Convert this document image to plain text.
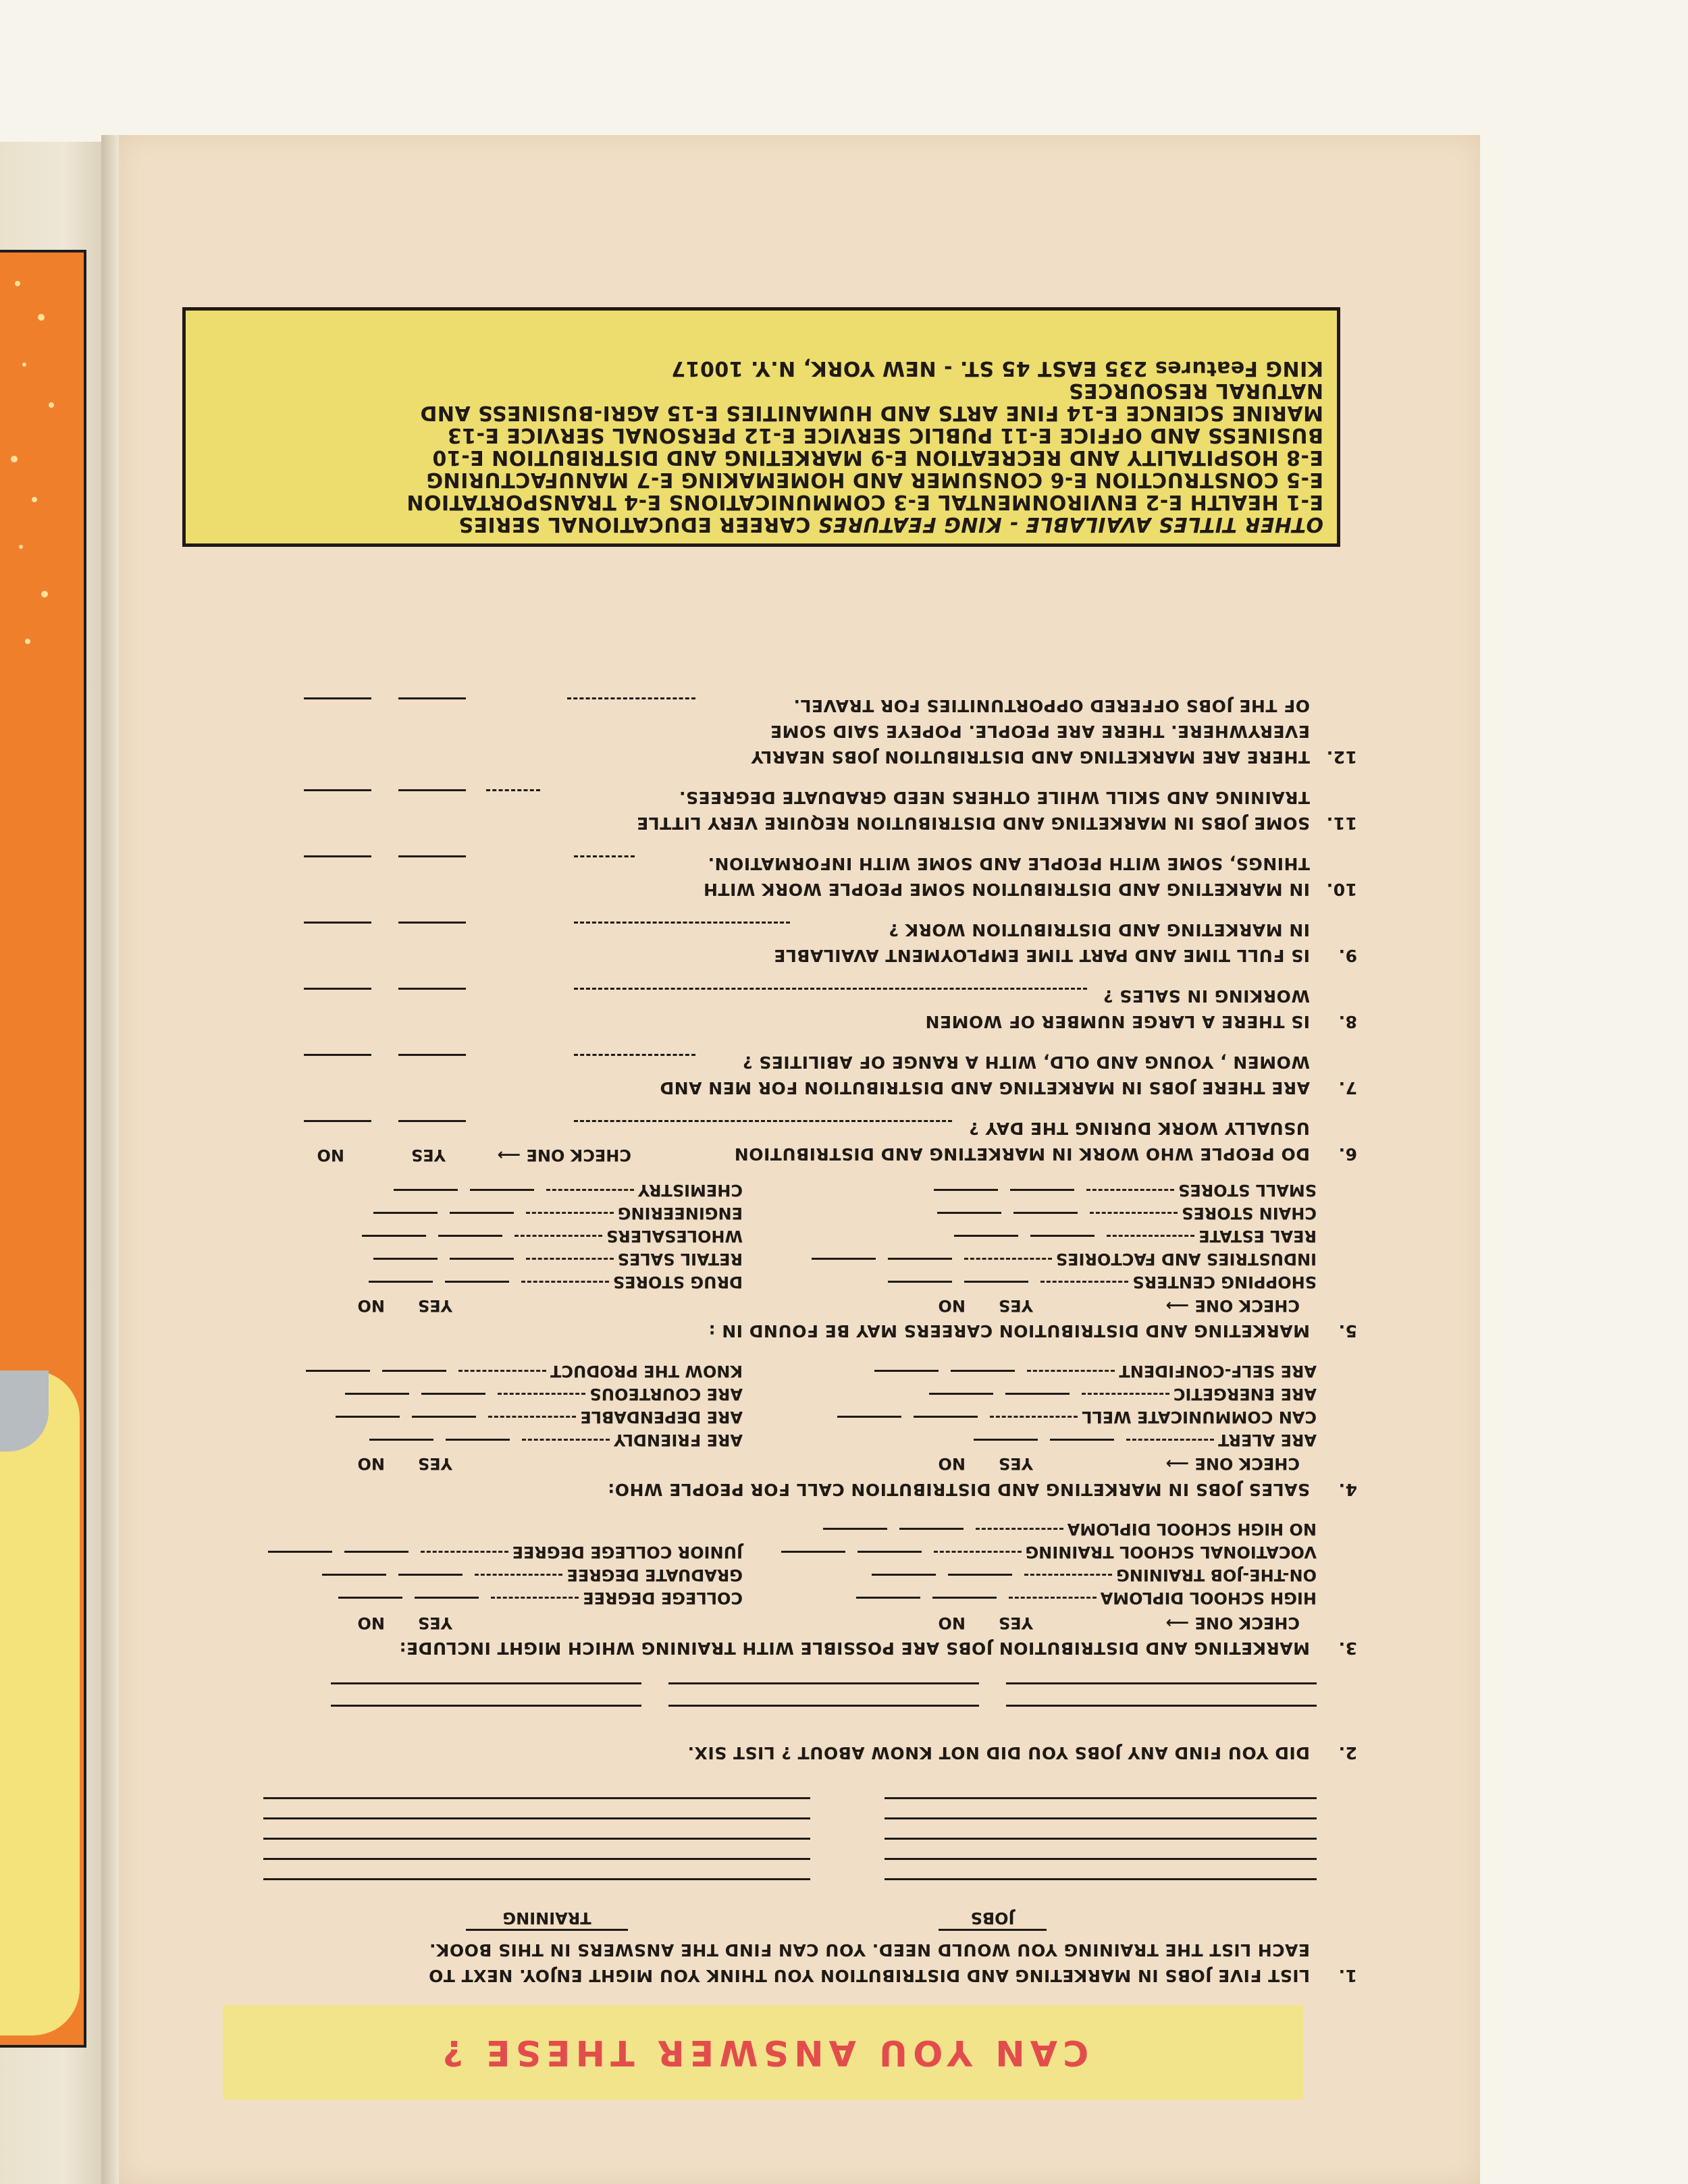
CAN YOU ANSWER THESE ?
1.LIST FIVE JOBS IN MARKETING AND DISTRIBUTION YOU THINK YOU MIGHT ENJOY. NEXT TO
EACH LIST THE TRAINING YOU WOULD NEED. YOU CAN FIND THE ANSWERS IN THIS BOOK.
JOBS
TRAINING
2.DID YOU FIND ANY JOBS YOU DID NOT KNOW ABOUT ? LIST SIX.
3.MARKETING AND DISTRIBUTION JOBS ARE POSSIBLE WITH TRAINING WHICH MIGHT INCLUDE:
CHECK ONE ⟶
YES
NO
YES
NO
HIGH SCHOOL DIPLOMA
ON-THE-JOB TRAINING
VOCATIONAL SCHOOL TRAINING
NO HIGH SCHOOL DIPLOMA
COLLEGE DEGREE
GRADUATE DEGREE
JUNIOR COLLEGE DEGREE
4.SALES JOBS IN MARKETING AND DISTRIBUTION CALL FOR PEOPLE WHO:
CHECK ONE ⟶
YES
NO
YES
NO
ARE ALERT
CAN COMMUNICATE WELL
ARE ENERGETIC
ARE SELF-CONFIDENT
ARE FRIENDLY
ARE DEPENDABLE
ARE COURTEOUS
KNOW THE PRODUCT
5.MARKETING AND DISTRIBUTION CAREERS MAY BE FOUND IN :
CHECK ONE ⟶
YES
NO
YES
NO
SHOPPING CENTERS
INDUSTRIES AND FACTORIES
REAL ESTATE
CHAIN STORES
SMALL STORES
DRUG STORES
RETAIL SALES
WHOLESALERS
ENGINEERING
CHEMISTRY
6.DO PEOPLE WHO WORK IN MARKETING AND DISTRIBUTION
USUALLY WORK DURING THE DAY ?
CHECK ONE ⟶
YES
NO
7.ARE THERE JOBS IN MARKETING AND DISTRIBUTION FOR MEN AND
WOMEN , YOUNG AND OLD, WITH A RANGE OF ABILITIES ?
8.IS THERE A LARGE NUMBER OF WOMEN
WORKING IN SALES ?
9.IS FULL TIME AND PART TIME EMPLOYMENT AVAILABLE
IN MARKETING AND DISTRIBUTION WORK ?
10.IN MARKETING AND DISTRIBUTION SOME PEOPLE WORK WITH
THINGS, SOME WITH PEOPLE AND SOME WITH INFORMATION.
11.SOME JOBS IN MARKETING AND DISTRIBUTION REQUIRE VERY LITTLE
TRAINING AND SKILL WHILE OTHERS NEED GRADUATE DEGREES.
12.THERE ARE MARKETING AND DISTRIBUTION JOBS NEARLY
EVERYWHERE. THERE ARE PEOPLE. POPEYE SAID SOME
OF THE JOBS OFFERED OPPORTUNITIES FOR TRAVEL.
OTHER TITLES AVAILABLE - KING FEATURES CAREER EDUCATIONAL SERIES
E-1 HEALTH E-2 ENVIRONMENTAL E-3 COMMUNICATIONS E-4 TRANSPORTATION
E-5 CONSTRUCTION E-6 CONSUMER AND HOMEMAKING E-7 MANUFACTURING
E-8 HOSPITALITY AND RECREATION E-9 MARKETING AND DISTRIBUTION E-10
BUSINESS AND OFFICE E-11 PUBLIC SERVICE E-12 PERSONAL SERVICE E-13
MARINE SCIENCE E-14 FINE ARTS AND HUMANITIES E-15 AGRI-BUSINESS AND
NATURAL RESOURCES
KING Features 235 EAST 45 ST. - NEW YORK, N.Y. 10017
